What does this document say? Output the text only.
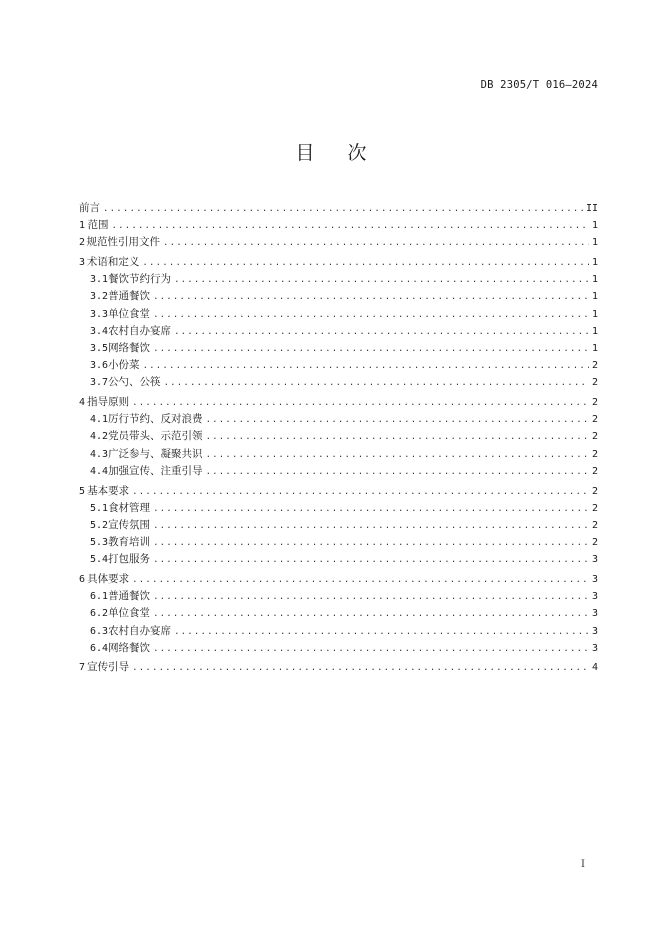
DB 2305/T 016—2024
目次
前言 .....	II
1 范围 .....	1
2 规范性引用文件 .....	1
3 术语和定义 .....	1
3.1 餐饮节约行为 .....	1
3.2 普通餐饮 .....	1
3.3 单位食堂 .....	1
3.4 农村自办宴席 .....	1
3.5 网络餐饮 .....	1
3.6 小份菜 .....	2
3.7 公勺、公筷 .....	2
4 指导原则 .....	2
4.1 厉行节约、反对浪费 .....	2
4.2 党员带头、示范引领 .....	2
4.3 广泛参与、凝聚共识 .....	2
4.4 加强宣传、注重引导 .....	2
5 基本要求 .....	2
5.1 食材管理 .....	2
5.2 宣传氛围 .....	2
5.3 教育培训 .....	2
5.4 打包服务 .....	3
6 具体要求 .....	3
6.1 普通餐饮 .....	3
6.2 单位食堂 .....	3
6.3 农村自办宴席 .....	3
6.4 网络餐饮 .....	3
7 宣传引导 .....	4
I
